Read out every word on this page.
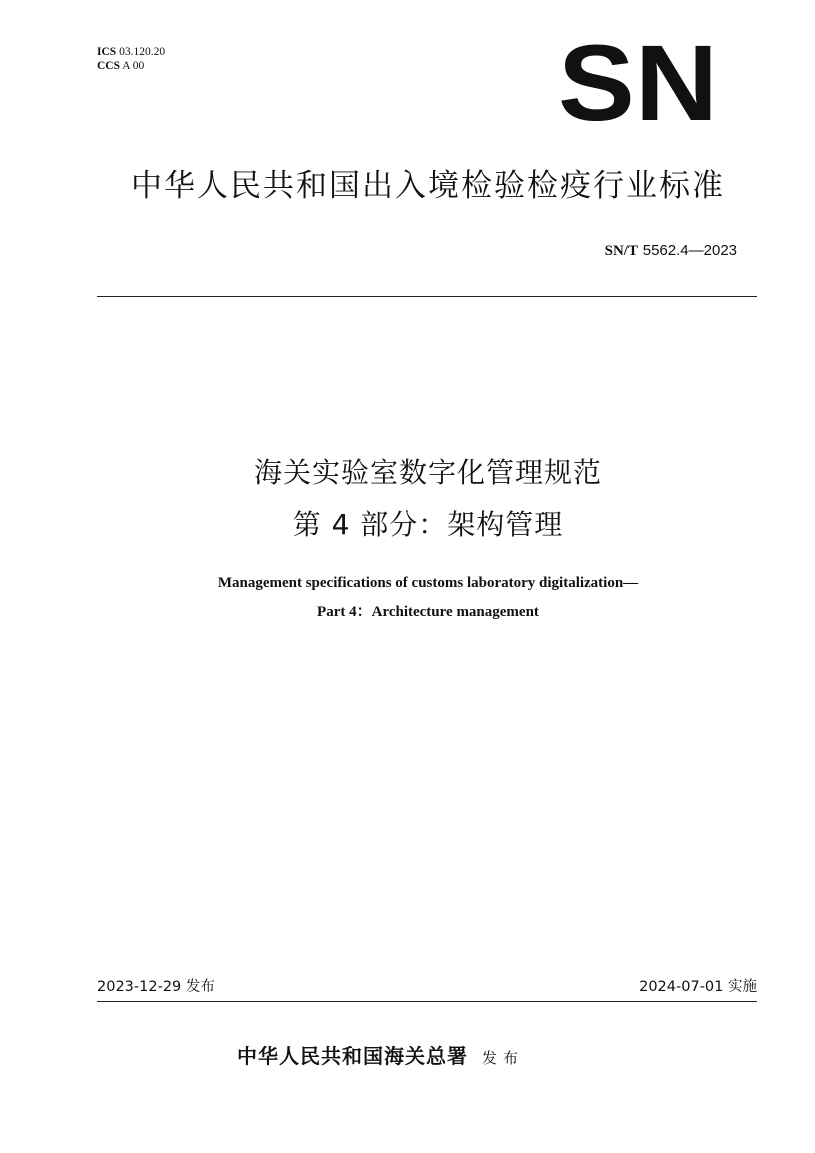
ICS 03.120.20
CCS A 00	SN
中华人民共和国出入境检验检疫行业标准
SN/T 5562.4—2023
海关实验室数字化管理规范
第 4 部分：架构管理
Management specifications of customs laboratory digitalization—
Part 4：Architecture management
2023-12-29 发布	2024-07-01 实施
中华人民共和国海关总署 发布
